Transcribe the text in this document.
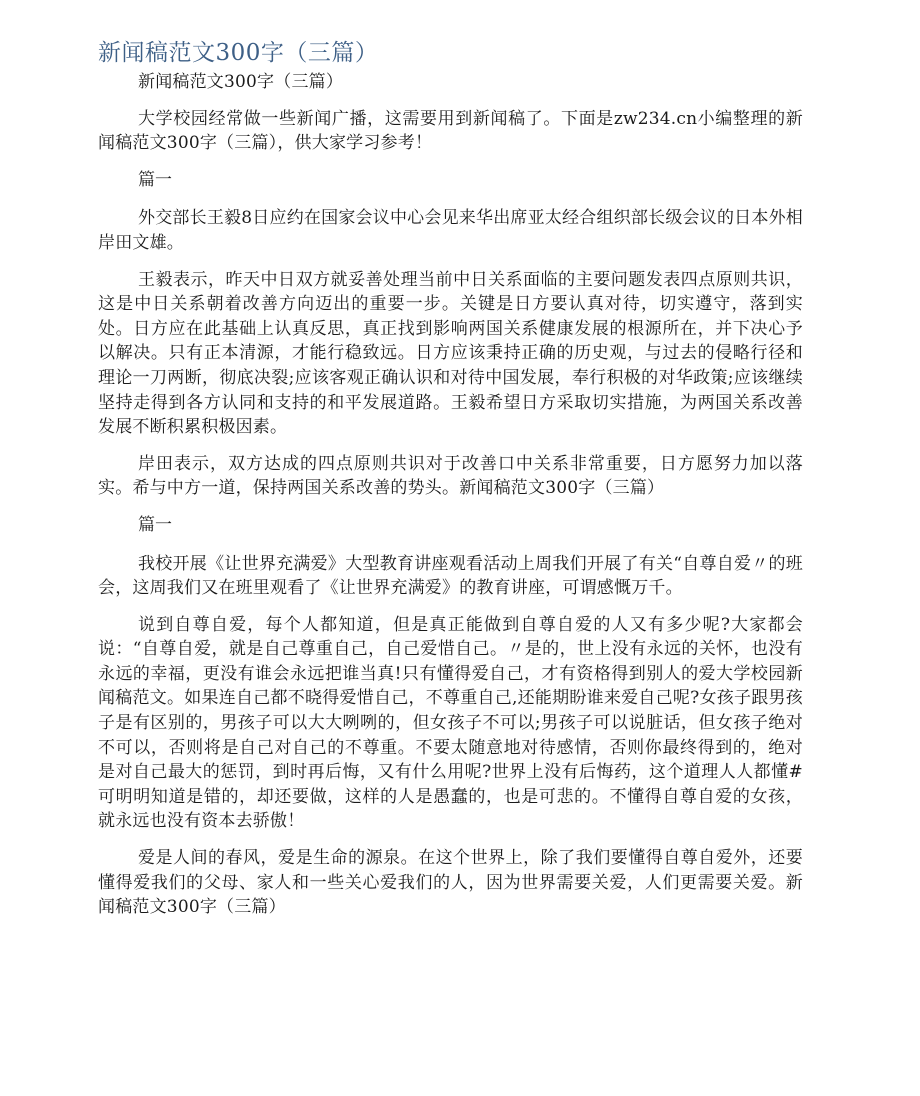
新闻稿范文300字（三篇）

新闻稿范文300字（三篇）

大学校园经常做一些新闻广播，这需要用到新闻稿了。下面是zw234.cn小编整理的新闻稿范文300字（三篇），供大家学习参考！

篇一

外交部长王毅8日应约在国家会议中心会见来华出席亚太经合组织部长级会议的日本外相岸田文雄。

王毅表示，昨天中日双方就妥善处理当前中日关系面临的主要问题发表四点原则共识，这是中日关系朝着改善方向迈出的重要一步。关键是日方要认真对待，切实遵守，落到实处。日方应在此基础上认真反思，真正找到影响两国关系健康发展的根源所在，并下决心予以解决。只有正本清源，才能行稳致远。日方应该秉持正确的历史观，与过去的侵略行径和理论一刀两断，彻底决裂;应该客观正确认识和对待中国发展，奉行积极的对华政策;应该继续坚持走得到各方认同和支持的和平发展道路。王毅希望日方采取切实措施，为两国关系改善发展不断积累积极因素。

岸田表示，双方达成的四点原则共识对于改善口中关系非常重要，日方愿努力加以落实。希与中方一道，保持两国关系改善的势头。新闻稿范文300字（三篇）

篇一

我校开展《让世界充满爱》大型教育讲座观看活动上周我们开展了有关“自尊自爱〃的班会，这周我们又在班里观看了《让世界充满爱》的教育讲座，可谓感慨万千。

说到自尊自爱，每个人都知道，但是真正能做到自尊自爱的人又有多少呢?大家都会说：“自尊自爱，就是自己尊重自己，自己爱惜自己。〃是的，世上没有永远的关怀，也没有永远的幸福，更没有谁会永远把谁当真!只有懂得爱自己，才有资格得到别人的爱大学校园新闻稿范文。如果连自己都不晓得爱惜自己，不尊重自己,还能期盼谁来爱自己呢?女孩子跟男孩子是有区别的，男孩子可以大大咧咧的，但女孩子不可以;男孩子可以说脏话，但女孩子绝对不可以，否则将是自己对自己的不尊重。不要太随意地对待感情，否则你最终得到的，绝对是对自己最大的惩罚，到时再后悔，又有什么用呢?世界上没有后悔药，这个道理人人都懂#可明明知道是错的，却还要做，这样的人是愚蠢的，也是可悲的。不懂得自尊自爱的女孩，就永远也没有资本去骄傲！

爱是人间的春风，爱是生命的源泉。在这个世界上，除了我们要懂得自尊自爱外，还要懂得爱我们的父母、家人和一些关心爱我们的人，因为世界需要关爱，人们更需要关爱。新闻稿范文300字（三篇）
